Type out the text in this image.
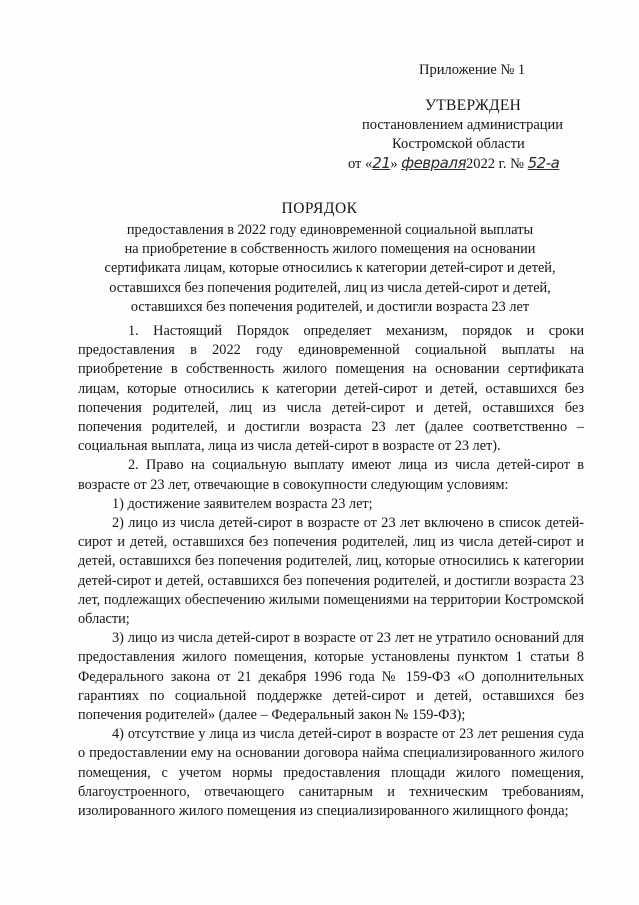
Приложение № 1
УТВЕРЖДЕН
постановлением администрации
Костромской области
от «21» февраля2022 г. № 52-а
ПОРЯДОК
предоставления в 2022 году единовременной социальной выплаты
на приобретение в собственность жилого помещения на основании
сертификата лицам, которые относились к категории детей-сирот и детей,
оставшихся без попечения родителей, лиц из числа детей-сирот и детей,
оставшихся без попечения родителей, и достигли возраста 23 лет

1. Настоящий Порядок определяет механизм, порядок и сроки предоставления в 2022 году единовременной социальной выплаты на приобретение в собственность жилого помещения на основании сертификата лицам, которые относились к категории детей-сирот и детей, оставшихся без попечения родителей, лиц из числа детей-сирот и детей, оставшихся без попечения родителей, и достигли возраста 23 лет (далее соответственно – социальная выплата, лица из числа детей-сирот в возрасте от 23 лет).

2. Право на социальную выплату имеют лица из числа детей-сирот в возрасте от 23 лет, отвечающие в совокупности следующим условиям:

1) достижение заявителем возраста 23 лет;

2) лицо из числа детей-сирот в возрасте от 23 лет включено в список детей-сирот и детей, оставшихся без попечения родителей, лиц из числа детей-сирот и детей, оставшихся без попечения родителей, лиц, которые относились к категории детей-сирот и детей, оставшихся без попечения родителей, и достигли возраста 23 лет, подлежащих обеспечению жилыми помещениями на территории Костромской области;

3) лицо из числа детей-сирот в возрасте от 23 лет не утратило оснований для предоставления жилого помещения, которые установлены пунктом 1 статьи 8 Федерального закона от 21 декабря 1996 года № 159-ФЗ «О дополнительных гарантиях по социальной поддержке детей-сирот и детей, оставшихся без попечения родителей» (далее – Федеральный закон № 159-ФЗ);

4) отсутствие у лица из числа детей-сирот в возрасте от 23 лет решения суда о предоставлении ему на основании договора найма специализированного жилого помещения, с учетом нормы предоставления площади жилого помещения, благоустроенного, отвечающего санитарным и техническим требованиям, изолированного жилого помещения из специализированного жилищного фонда;
